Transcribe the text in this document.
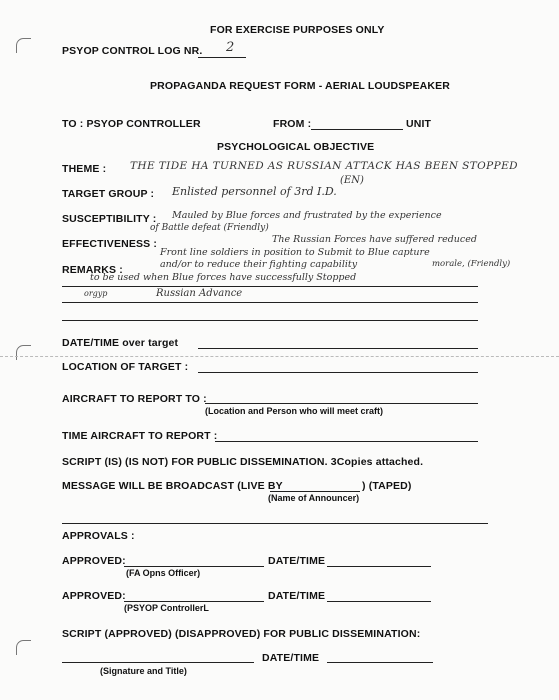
FOR EXERCISE PURPOSES ONLY
PSYOP CONTROL LOG NR. 2
PROPAGANDA REQUEST FORM - AERIAL LOUDSPEAKER
TO : PSYOP CONTROLLER	FROM :	UNIT
PSYCHOLOGICAL OBJECTIVE
THEME : THE TIDE HA TURNED AS RUSSIAN ATTACK HAS BEEN STOPPED
(EN)
TARGET GROUP : Enlisted personnel of 3rd I.D.
SUSCEPTIBILITY : Mauled by Blue forces and frustrated by the experience
of Battle defeat (Friendly)
EFFECTIVENESS :	The Russian Forces have suffered reduced
Front line soldiers in position to Submit to Blue capture
and/or to reduce their fighting capability	morale, (Friendly)
REMARKS :
to be used when Blue forces have successfully Stopped
orgyp	Russian Advance
DATE/TIME over target
LOCATION OF TARGET :
AIRCRAFT TO REPORT TO :
(Location and Person who will meet craft)
TIME AIRCRAFT TO REPORT :
SCRIPT (IS) (IS NOT) FOR PUBLIC DISSEMINATION. 3Copies attached.
MESSAGE WILL BE BROADCAST (LIVE BY	) (TAPED)
(Name of Announcer)
APPROVALS :
APPROVED:	DATE/TIME
(FA Opns Officer)
APPROVED:	DATE/TIME
(PSYOP ControllerL
SCRIPT (APPROVED) (DISAPPROVED) FOR PUBLIC DISSEMINATION:
DATE/TIME
(Signature and Title)
